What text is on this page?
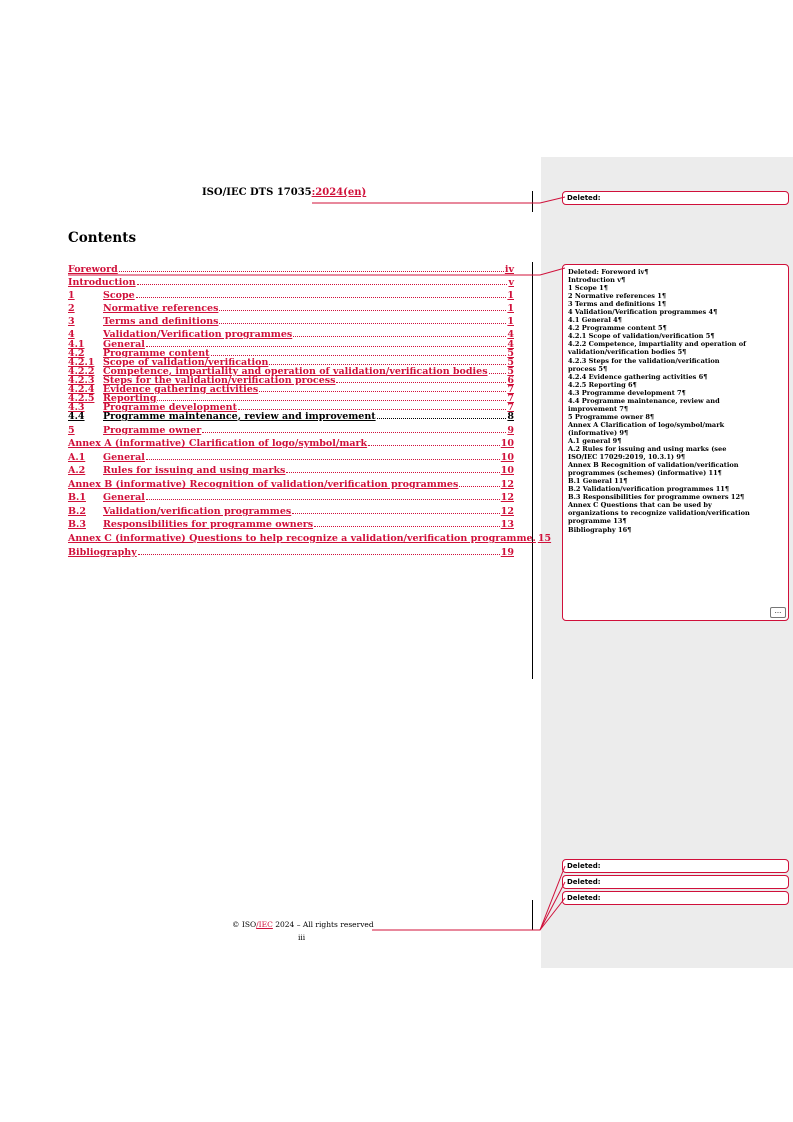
ISO/IEC DTS 17035:2024(en)
Contents
Foreword	iv
Introduction	v
1	Scope	1
2	Normative references	1
3	Terms and definitions	1
4	Validation/Verification programmes	4
4.1	General	4
4.2	Programme content	5
4.2.1 Scope of validation/verification	5
4.2.2 Competence, impartiality and operation of validation/verification bodies 5
4.2.3 Steps for the validation/verification process	6
4.2.4 Evidence gathering activities	7
4.2.5 Reporting	7
4.3	Programme development	7
4.4	Programme maintenance, review and improvement	8
5	Programme owner	9
Annex A (informative) Clarification of logo/symbol/mark	10
A.1	General	10
A.2	Rules for issuing and using marks	10
Annex B (informative) Recognition of validation/verification programmes	12
B.1	General	12
B.2	Validation/verification programmes	12
B.3	Responsibilities for programme owners	13
Annex C (informative) Questions to help recognize a validation/verification programme. 15
Bibliography	19
Deleted:
Deleted: Foreword iv¶
Introduction v¶
1 Scope 1¶
2 Normative references 1¶
3 Terms and definitions 1¶
4 Validation/Verification programmes 4¶
4.1 General 4¶
4.2 Programme content 5¶
4.2.1 Scope of validation/verification 5¶
4.2.2 Competence, impartiality and operation of
validation/verification bodies 5¶
4.2.3 Steps for the validation/verification
process 5¶
4.2.4 Evidence gathering activities 6¶
4.2.5 Reporting 6¶
4.3 Programme development 7¶
4.4 Programme maintenance, review and
improvement 7¶
5 Programme owner 8¶
Annex A Clarification of logo/symbol/mark
(informative) 9¶
A.1 general 9¶
A.2 Rules for issuing and using marks (see
ISO/IEC 17029:2019, 10.3.1) 9¶
Annex B Recognition of validation/verification
programmes (schemes) (informative) 11¶
B.1 General 11¶
B.2 Validation/verification programmes 11¶
B.3 Responsibilities for programme owners 12¶
Annex C Questions that can be used by
organizations to recognize validation/verification
programme 13¶
Bibliography 16¶
...
Deleted:
Deleted:
Deleted:
© ISO/IEC 2024 – All rights reserved
iii
